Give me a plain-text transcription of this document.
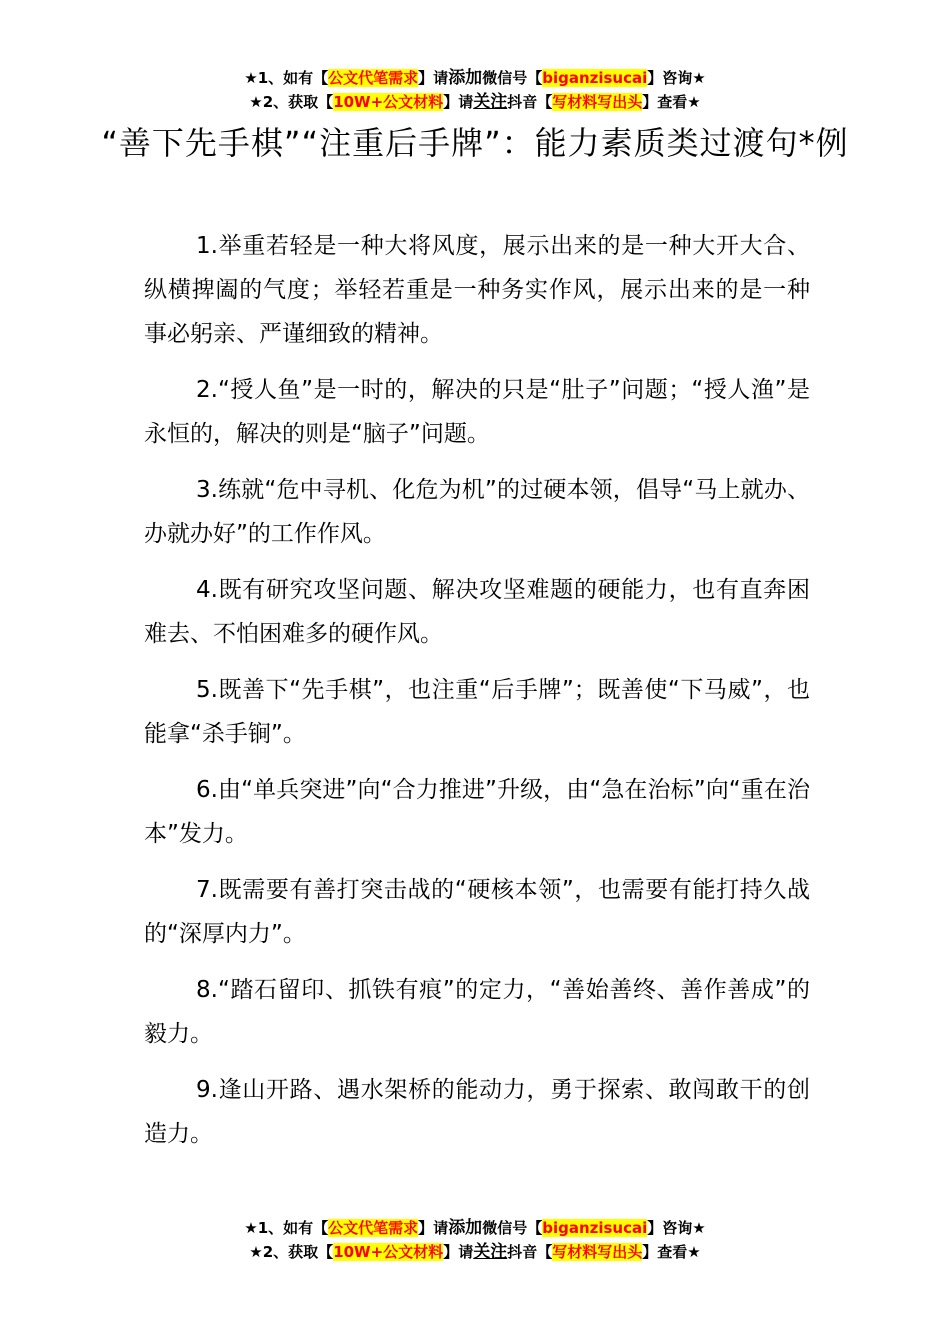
★1、如有【公文代笔需求】请添加微信号【biganzisucai】咨询★
★2、获取【10W+公文材料】请关注抖音【写材料写出头】查看★
“善下先手棋”“注重后手牌”：能力素质类过渡句*例

1.举重若轻是一种大将风度，展示出来的是一种大开大合、纵横捭阖的气度；举轻若重是一种务实作风，展示出来的是一种事必躬亲、严谨细致的精神。

2.“授人鱼”是一时的，解决的只是“肚子”问题；“授人渔”是永恒的，解决的则是“脑子”问题。

3.练就“危中寻机、化危为机”的过硬本领，倡导“马上就办、办就办好”的工作作风。

4.既有研究攻坚问题、解决攻坚难题的硬能力，也有直奔困难去、不怕困难多的硬作风。

5.既善下“先手棋”，也注重“后手牌”；既善使“下马威”，也能拿“杀手锏”。

6.由“单兵突进”向“合力推进”升级，由“急在治标”向“重在治本”发力。

7.既需要有善打突击战的“硬核本领”，也需要有能打持久战的“深厚内力”。

8.“踏石留印、抓铁有痕”的定力，“善始善终、善作善成”的毅力。

9.逢山开路、遇水架桥的能动力，勇于探索、敢闯敢干的创造力。

★1、如有【公文代笔需求】请添加微信号【biganzisucai】咨询★
★2、获取【10W+公文材料】请关注抖音【写材料写出头】查看★
